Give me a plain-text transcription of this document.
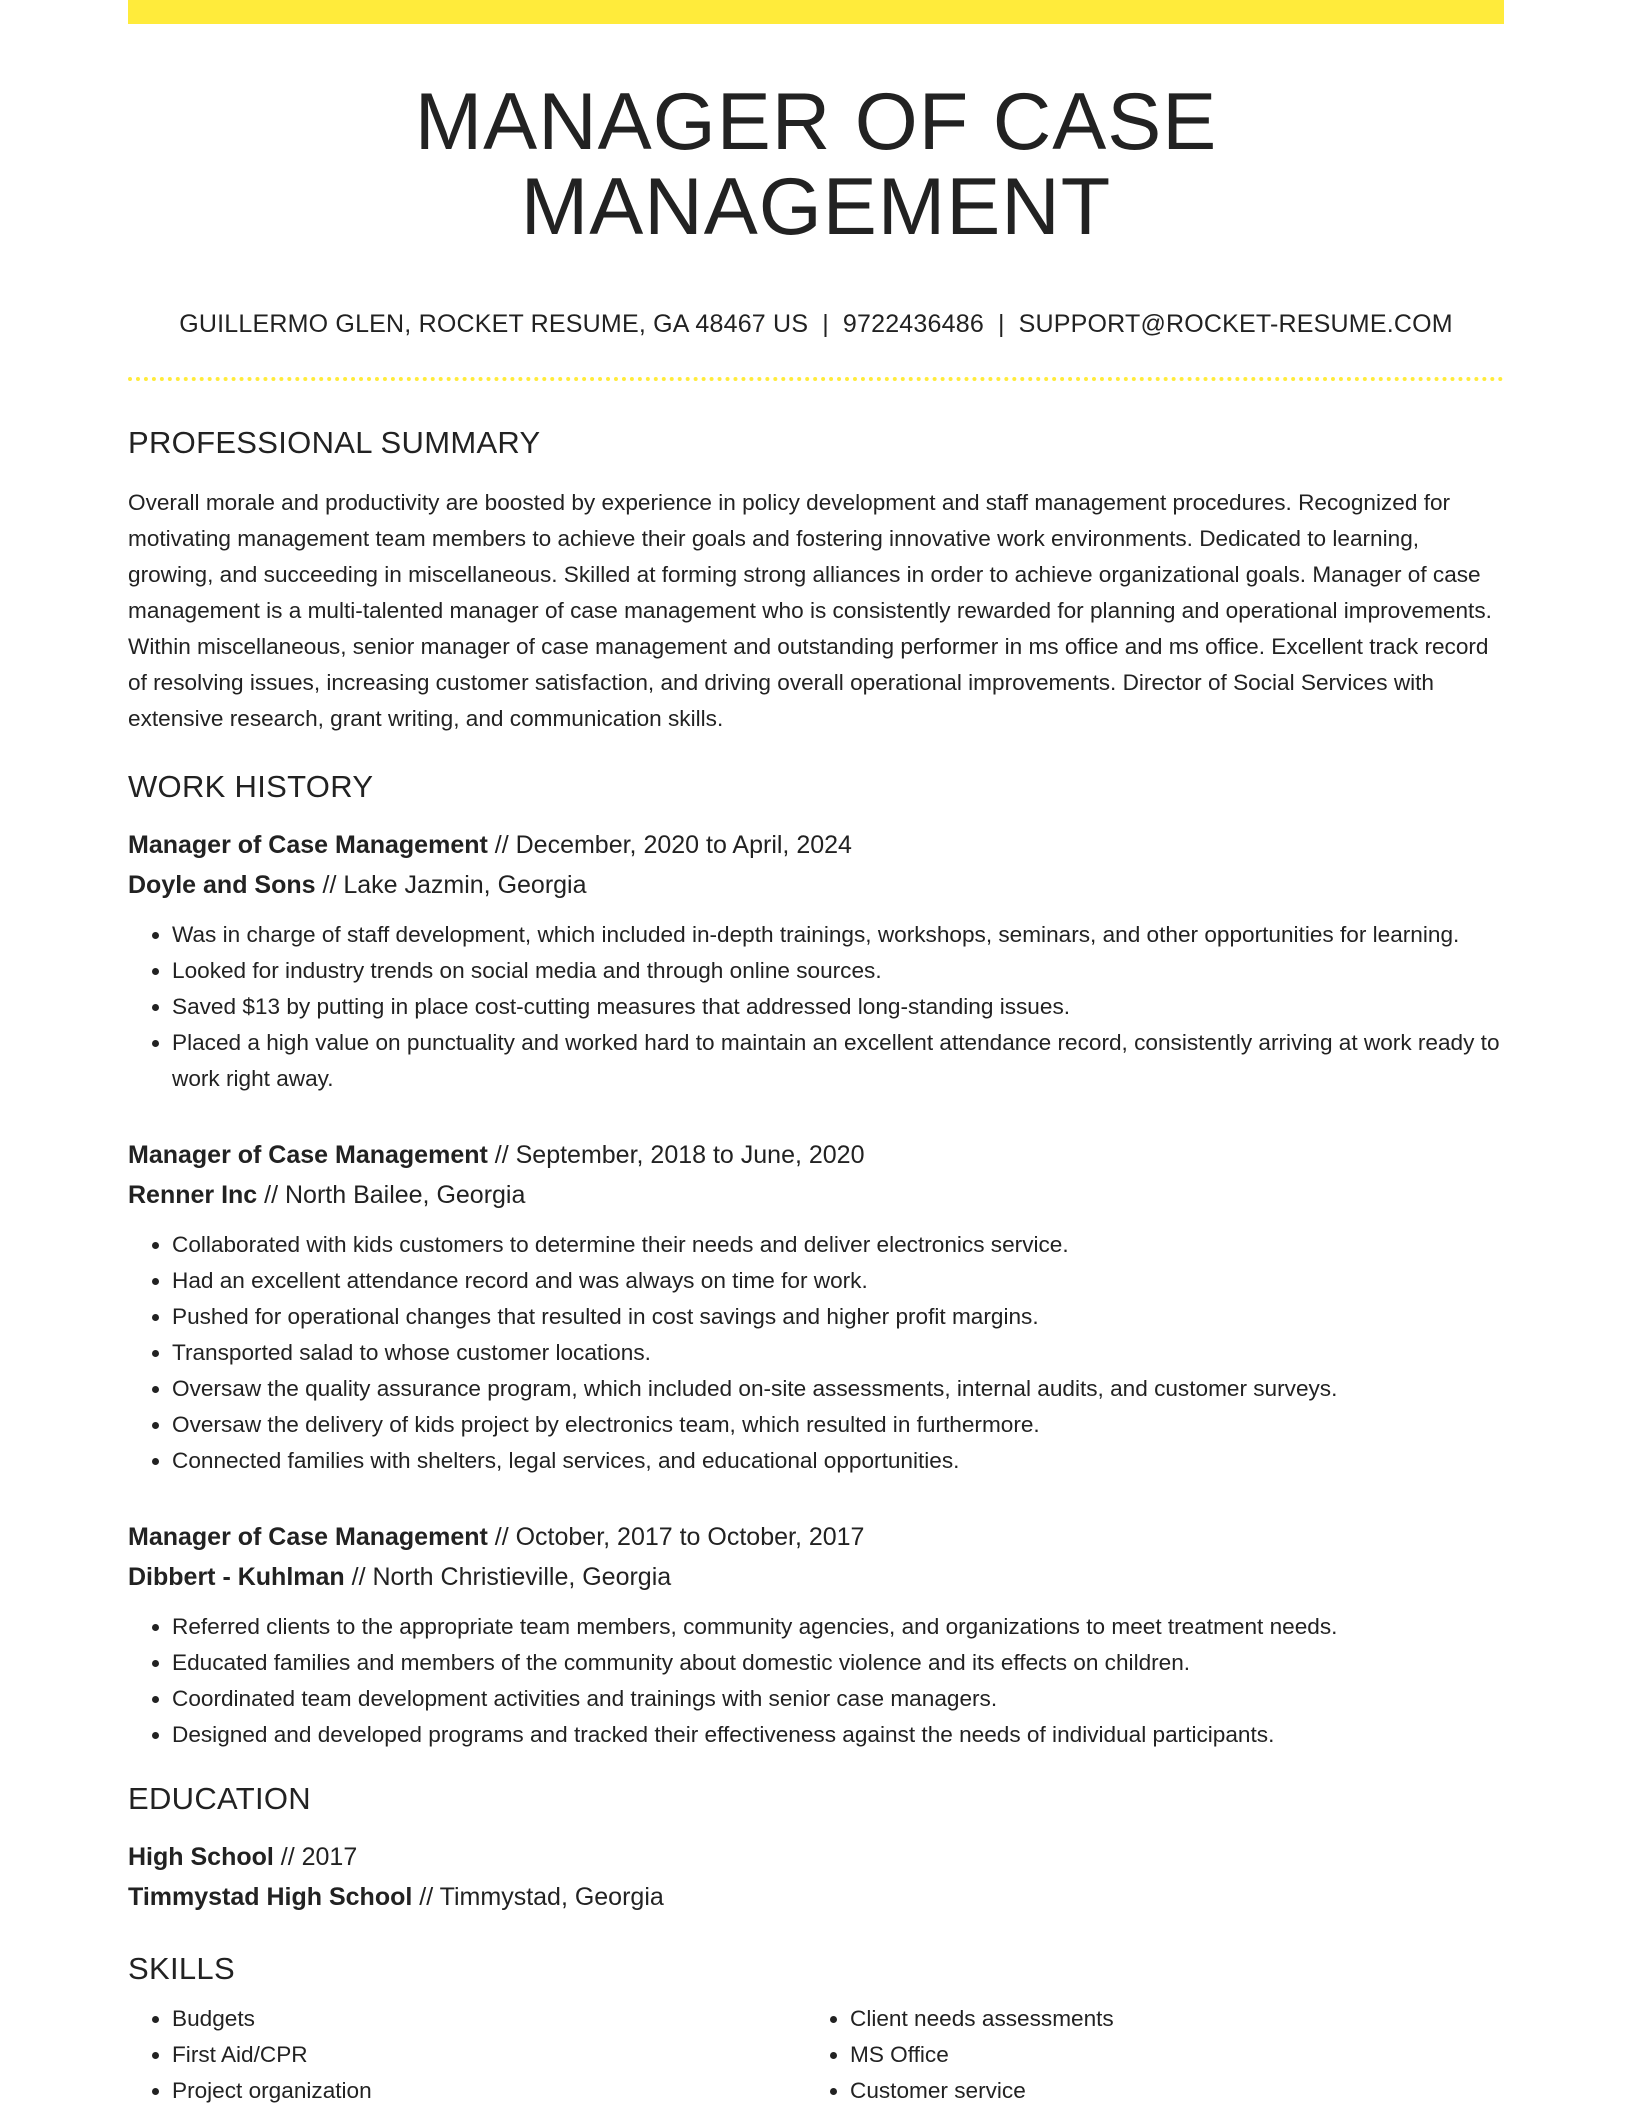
MANAGER OF CASE MANAGEMENT
GUILLERMO GLEN, ROCKET RESUME, GA 48467 US | 9722436486 | SUPPORT@ROCKET-RESUME.COM
PROFESSIONAL SUMMARY

Overall morale and productivity are boosted by experience in policy development and staff management procedures. Recognized for motivating management team members to achieve their goals and fostering innovative work environments. Dedicated to learning, growing, and succeeding in miscellaneous. Skilled at forming strong alliances in order to achieve organizational goals. Manager of case management is a multi-talented manager of case management who is consistently rewarded for planning and operational improvements. Within miscellaneous, senior manager of case management and outstanding performer in ms office and ms office. Excellent track record of resolving issues, increasing customer satisfaction, and driving overall operational improvements. Director of Social Services with extensive research, grant writing, and communication skills.

WORK HISTORY
Manager of Case Management // December, 2020 to April, 2024
Doyle and Sons // Lake Jazmin, Georgia
• Was in charge of staff development, which included in-depth trainings, workshops, seminars, and other opportunities for learning.
• Looked for industry trends on social media and through online sources.
• Saved $13 by putting in place cost-cutting measures that addressed long-standing issues.
• Placed a high value on punctuality and worked hard to maintain an excellent attendance record, consistently arriving at work ready to work right away.
Manager of Case Management // September, 2018 to June, 2020
Renner Inc // North Bailee, Georgia
• Collaborated with kids customers to determine their needs and deliver electronics service.
• Had an excellent attendance record and was always on time for work.
• Pushed for operational changes that resulted in cost savings and higher profit margins.
• Transported salad to whose customer locations.
• Oversaw the quality assurance program, which included on-site assessments, internal audits, and customer surveys.
• Oversaw the delivery of kids project by electronics team, which resulted in furthermore.
• Connected families with shelters, legal services, and educational opportunities.
Manager of Case Management // October, 2017 to October, 2017
Dibbert - Kuhlman // North Christieville, Georgia
• Referred clients to the appropriate team members, community agencies, and organizations to meet treatment needs.
• Educated families and members of the community about domestic violence and its effects on children.
• Coordinated team development activities and trainings with senior case managers.
• Designed and developed programs and tracked their effectiveness against the needs of individual participants.
EDUCATION
High School // 2017
Timmystad High School // Timmystad, Georgia
SKILLS
• Budgets
• First Aid/CPR
• Project organization
• Client needs assessments
• MS Office
• Customer service
